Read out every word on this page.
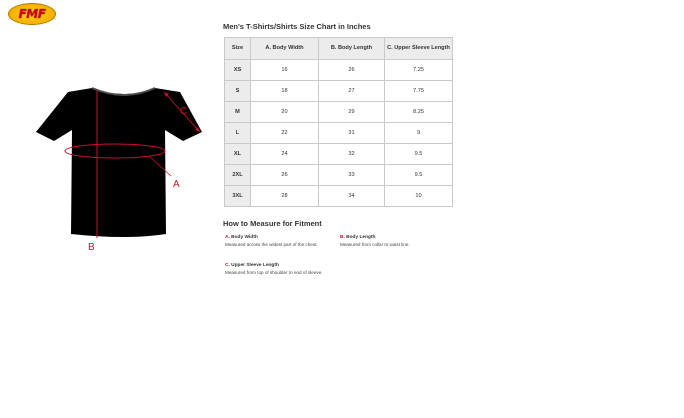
FMF
C
A
B
Men's T-Shirts/Shirts Size Chart in Inches
Size	A. Body Width	B. Body Length	C. Upper Sleeve Length
XS	16	26	7.25
S	18	27	7.75
M	20	29	8.25
L	22	31	9
XL	24	32	9.5
2XL	26	33	9.5
3XL	28	34	10
How to Measure for Fitment
A. Body Width
Measured across the widest part of the chest.
B. Body Length
Measured from collar to waist line.
C. Upper Sleeve Length
Measured from top of shoulder to end of sleeve.
